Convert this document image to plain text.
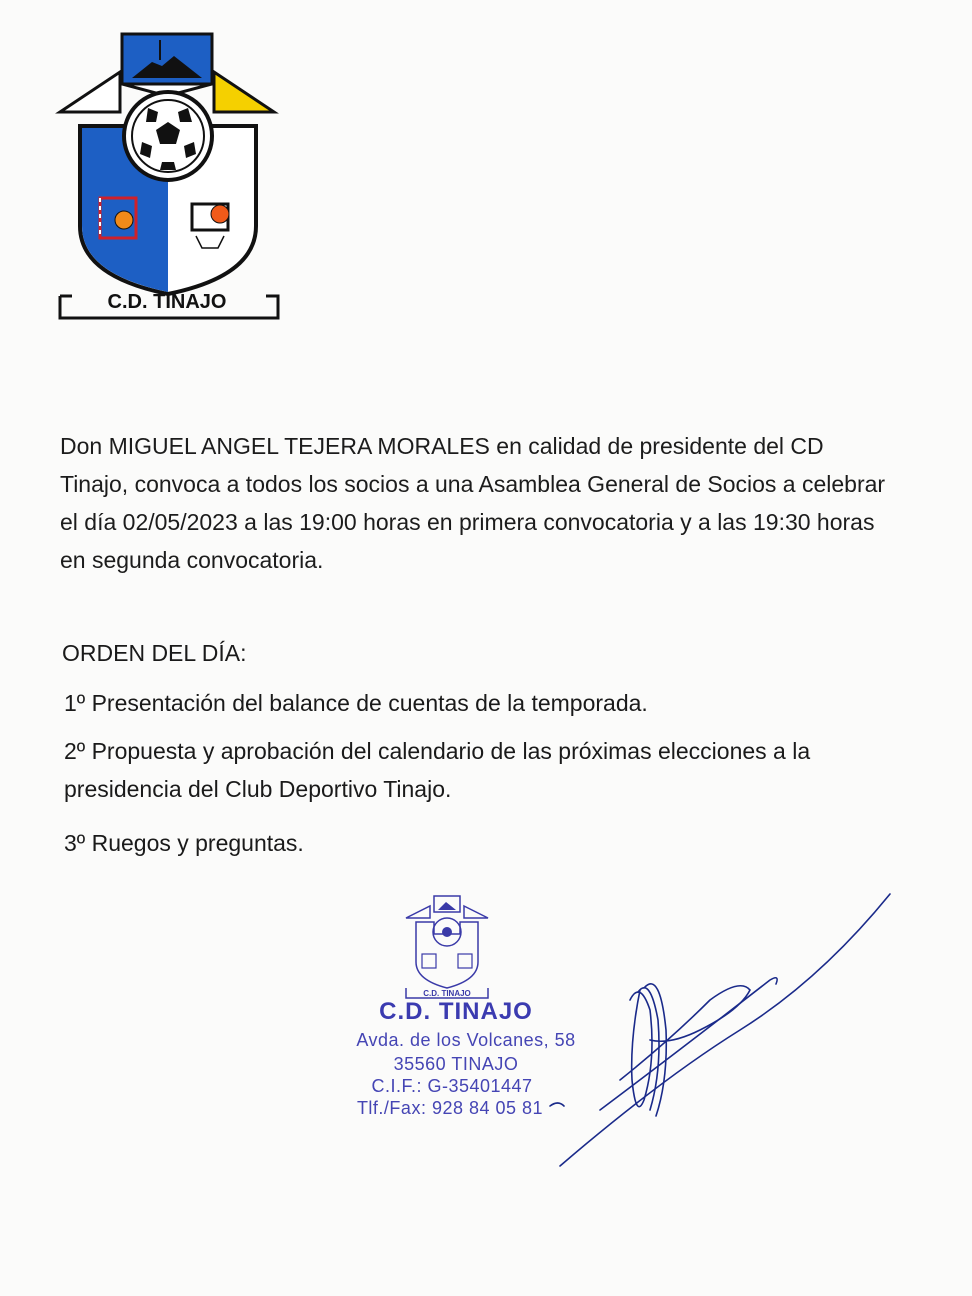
C.D. TINAJO

Don MIGUEL ANGEL TEJERA MORALES en calidad de presidente del CD Tinajo, convoca a todos los socios a una Asamblea General de Socios a celebrar el día 02/05/2023 a las 19:00 horas en primera convocatoria y a las 19:30 horas en segunda convocatoria.

ORDEN DEL DÍA:
1º Presentación del balance de cuentas de la temporada.
2º Propuesta y aprobación del calendario de las próximas elecciones a la presidencia del Club Deportivo Tinajo.
3º Ruegos y preguntas.
C.D. TINAJO
C.D. TINAJO
Avda. de los Volcanes, 58
35560 TINAJO
C.I.F.: G-35401447
Tlf./Fax: 928 84 05 81
